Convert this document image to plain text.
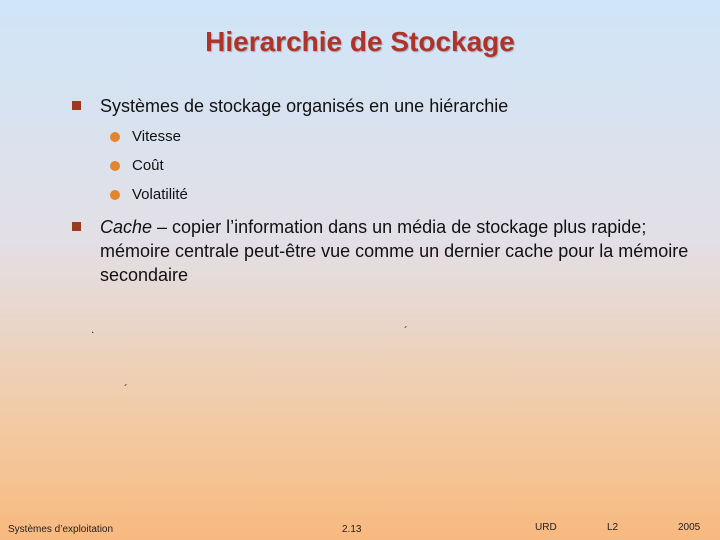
Hierarchie de Stockage
Systèmes de stockage organisés en une hiérarchie
Vitesse
Coût
Volatilité
Cache – copier l’information dans un média de stockage plus rapide; mémoire centrale peut-être vue comme un dernier cache pour la mémoire secondaire
.	´
´
Systèmes d’exploitation	2.13	URD	L2	2005
